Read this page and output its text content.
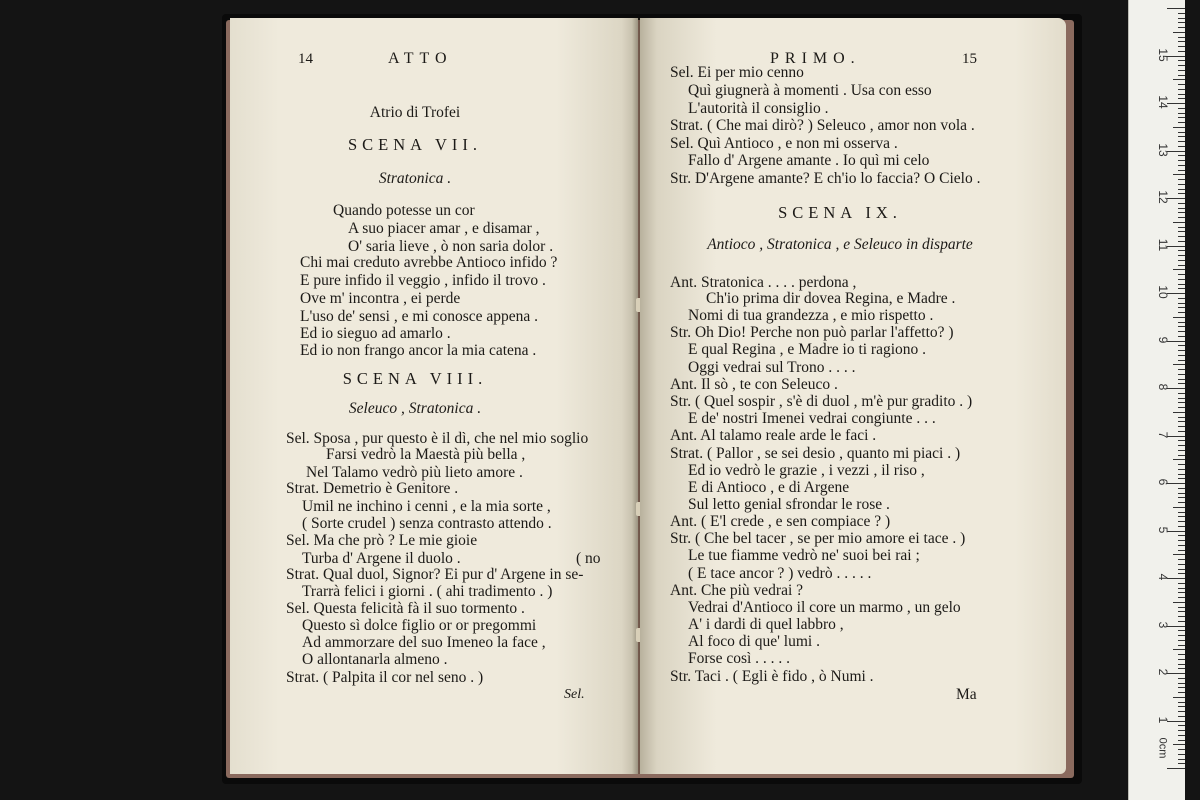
14	ATTO
Atrio di Trofei
SCENA VII.
Stratonica .
Quando potesse un cor
A suo piacer amar , e disamar ,
O' saria lieve , ò non saria dolor .
Chi mai creduto avrebbe Antioco infido ?
E pure infido il veggio , infido il trovo .
Ove m' incontra , ei perde
L'uso de' sensi , e mi conosce appena .
Ed io sieguo ad amarlo .
Ed io non frango ancor la mia catena .
SCENA VIII.
Seleuco , Stratonica .
Sel. Sposa , pur questo è il dì, che nel mio soglio
Farsi vedrò la Maestà più bella ,
Nel Talamo vedrò più lieto amore .
Strat. Demetrio è Genitore .
Umil ne inchino i cenni , e la mia sorte ,
( Sorte crudel ) senza contrasto attendo .
Sel. Ma che prò ? Le mie gioie
Turba d' Argene il duolo .	( no
Strat. Qual duol, Signor? Ei pur d' Argene in se-
Trarrà felici i giorni . ( ahi tradimento . )
Sel. Questa felicità fà il suo tormento .
Questo sì dolce figlio or or pregommi
Ad ammorzare del suo Imeneo la face ,
O allontanarla almeno .
Strat. ( Palpita il cor nel seno . )
Sel.
PRIMO.	15
Sel. Ei per mio cenno
Quì giugnerà à momenti . Usa con esso
L'autorità il consiglio .
Strat. ( Che mai dirò? ) Seleuco , amor non vola .
Sel. Quì Antioco , e non mi osserva .
Fallo d' Argene amante . Io quì mi celo
Str. D'Argene amante? E ch'io lo faccia? O Cielo .
SCENA IX.
Antioco , Stratonica , e Seleuco in disparte
Ant. Stratonica . . . . perdona ,
Ch'io prima dir dovea Regina, e Madre .
Nomi di tua grandezza , e mio rispetto .
Str. Oh Dio! Perche non può parlar l'affetto? )
E qual Regina , e Madre io ti ragiono .
Oggi vedrai sul Trono . . . .
Ant. Il sò , te con Seleuco .
Str. ( Quel sospir , s'è di duol , m'è pur gradito . )
E de' nostri Imenei vedrai congiunte . . .
Ant. Al talamo reale arde le faci .
Strat. ( Pallor , se sei desio , quanto mi piaci . )
Ed io vedrò le grazie , i vezzi , il riso ,
E di Antioco , e di Argene
Sul letto genial sfrondar le rose .
Ant. ( E'l crede , e sen compiace ? )
Str. ( Che bel tacer , se per mio amore ei tace . )
Le tue fiamme vedrò ne' suoi bei rai ;
( E tace ancor ? ) vedrò . . . . .
Ant. Che più vedrai ?
Vedrai d'Antioco il core un marmo , un gelo
A' i dardi di quel labbro ,
Al foco di que' lumi .
Forse così . . . . .
Str. Taci . ( Egli è fido , ò Numi .
Ma
0cm
1
2
3
4
5
6
7
8
9
10
11
12
13
14
15
